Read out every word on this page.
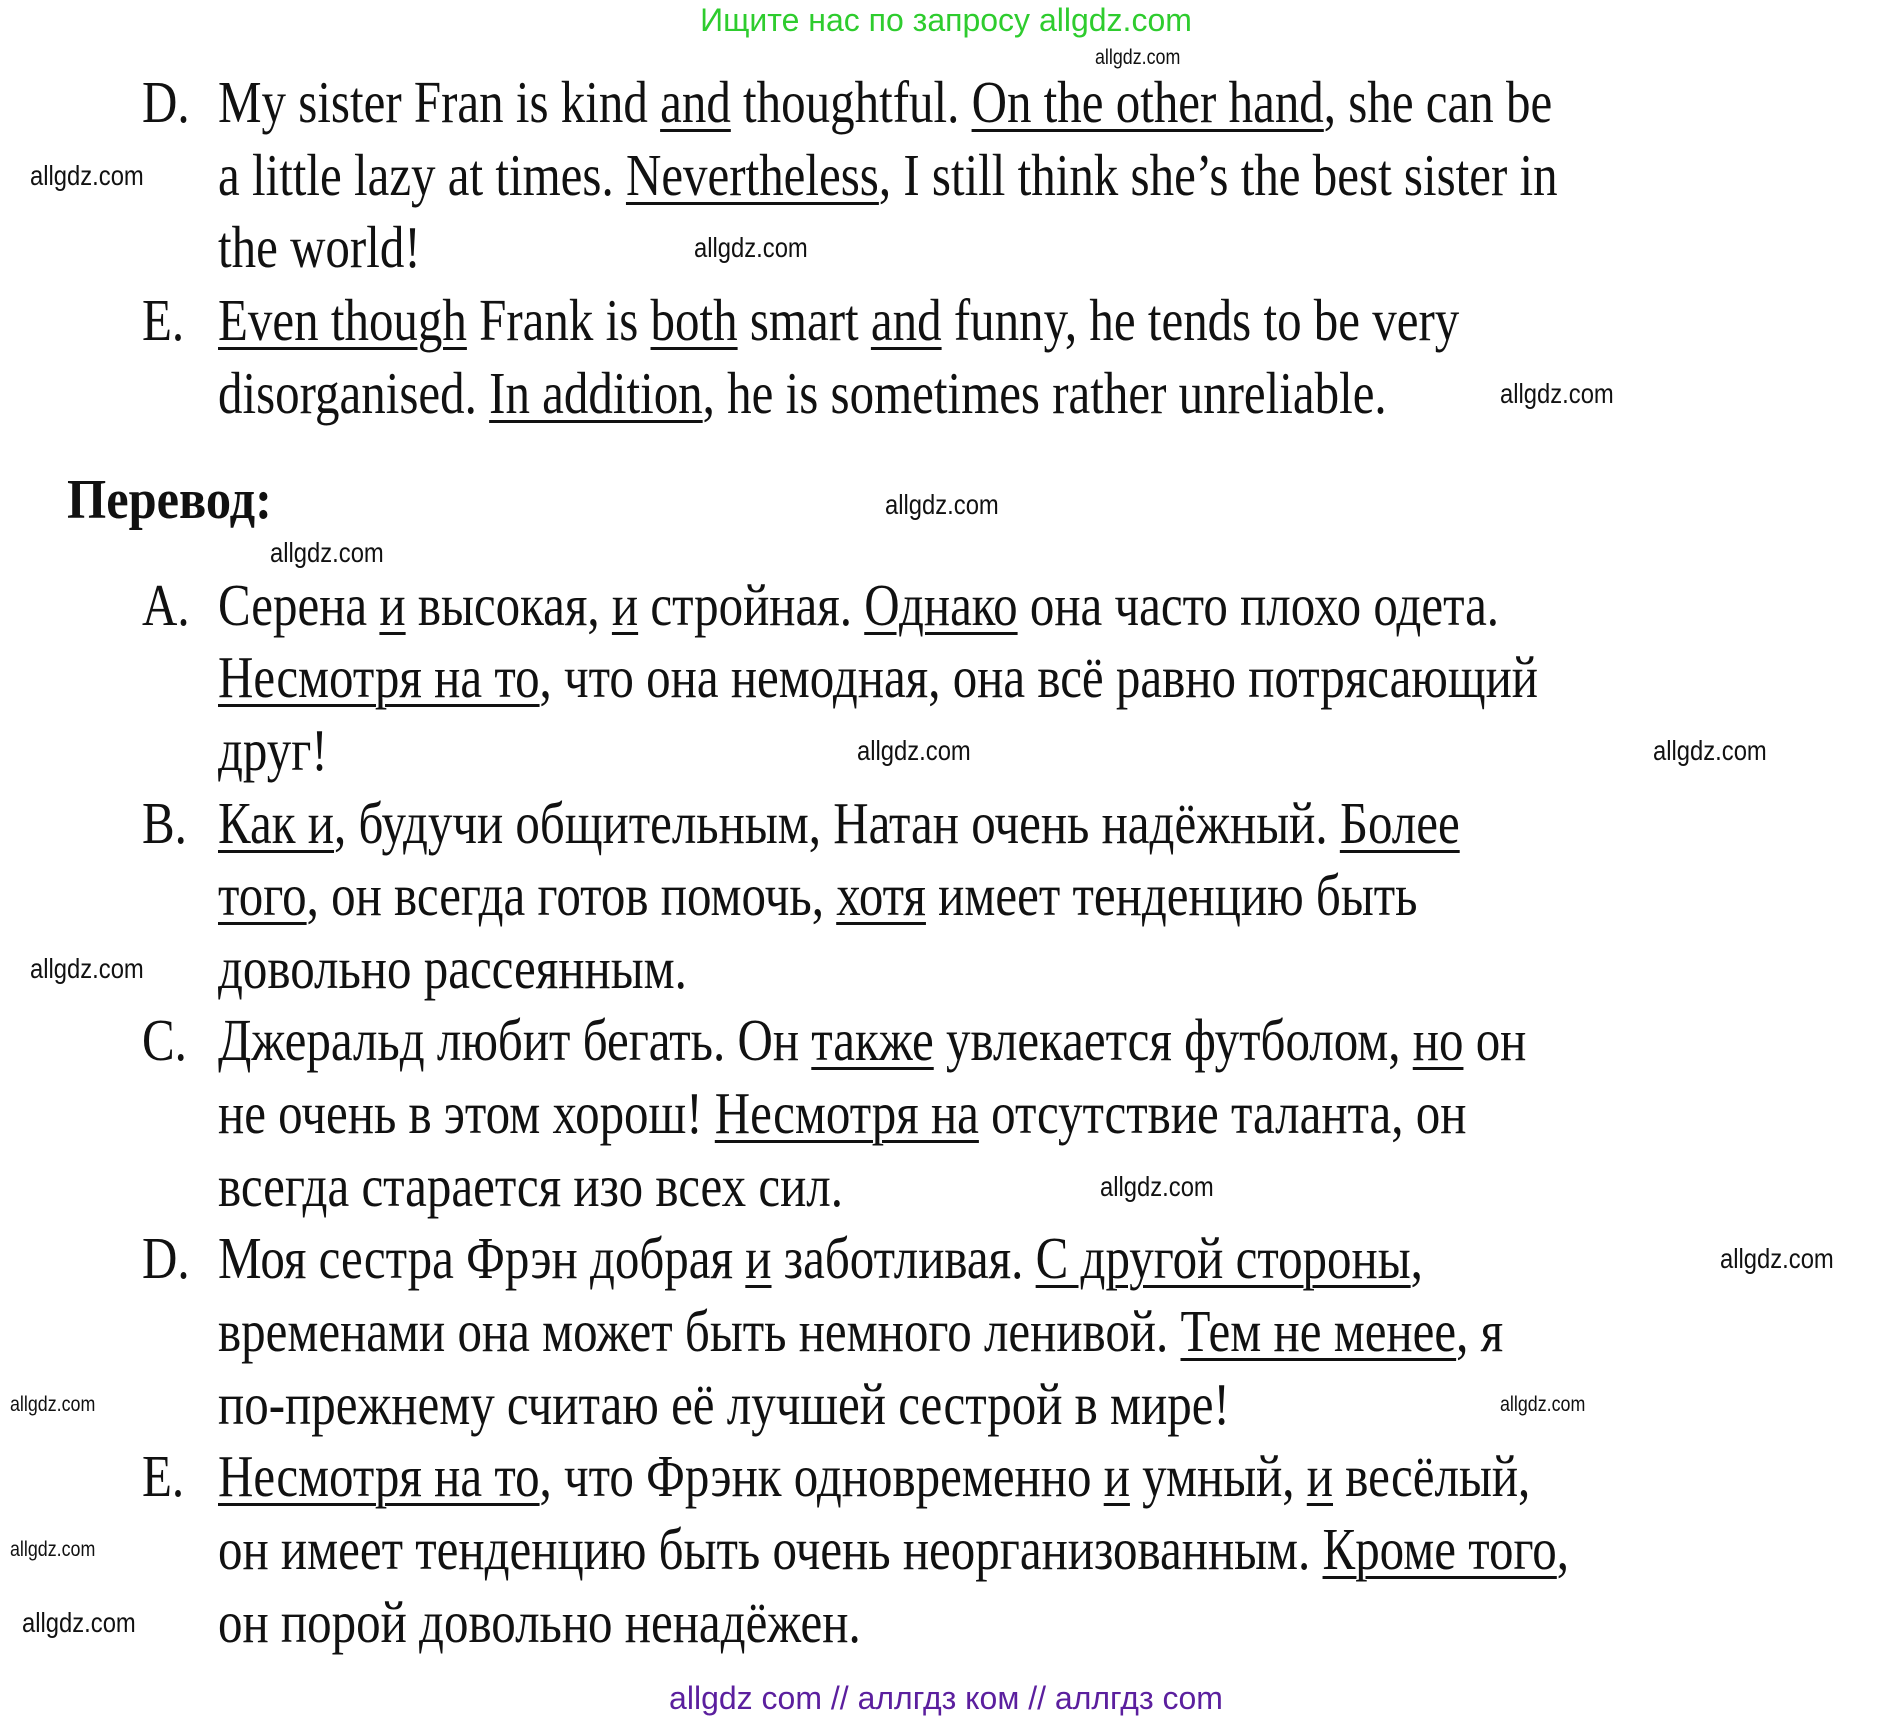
Ищите нас по запросу allgdz.com
Перевод:
D. My sister Fran is kind and thoughtful. On the other hand, she can be
a little lazy at times. Nevertheless, I still think she’s the best sister in
the world!
E. Even though Frank is both smart and funny, he tends to be very
disorganised. In addition, he is sometimes rather unreliable.
A. Серена и высокая, и стройная. Однако она часто плохо одета.
Несмотря на то, что она немодная, она всё равно потрясающий
друг!
B. Как и, будучи общительным, Натан очень надёжный. Более
того, он всегда готов помочь, хотя имеет тенденцию быть
довольно рассеянным.
C. Джеральд любит бегать. Он также увлекается футболом, но он
не очень в этом хорош! Несмотря на отсутствие таланта, он
всегда старается изо всех сил.
D. Моя сестра Фрэн добрая и заботливая. С другой стороны,
временами она может быть немного ленивой. Тем не менее, я
по-прежнему считаю её лучшей сестрой в мире!
E. Несмотря на то, что Фрэнк одновременно и умный, и весёлый,
он имеет тенденцию быть очень неорганизованным. Кроме того,
он порой довольно ненадёжен.
allgdz.com
allgdz.com
allgdz.com
allgdz.com
allgdz.com
allgdz.com
allgdz.com	allgdz.com
allgdz.com
allgdz.com
allgdz.com
allgdz.com
allgdz.com
allgdz.com
allgdz.com
allgdz com // аллгдз ком // аллгдз com
